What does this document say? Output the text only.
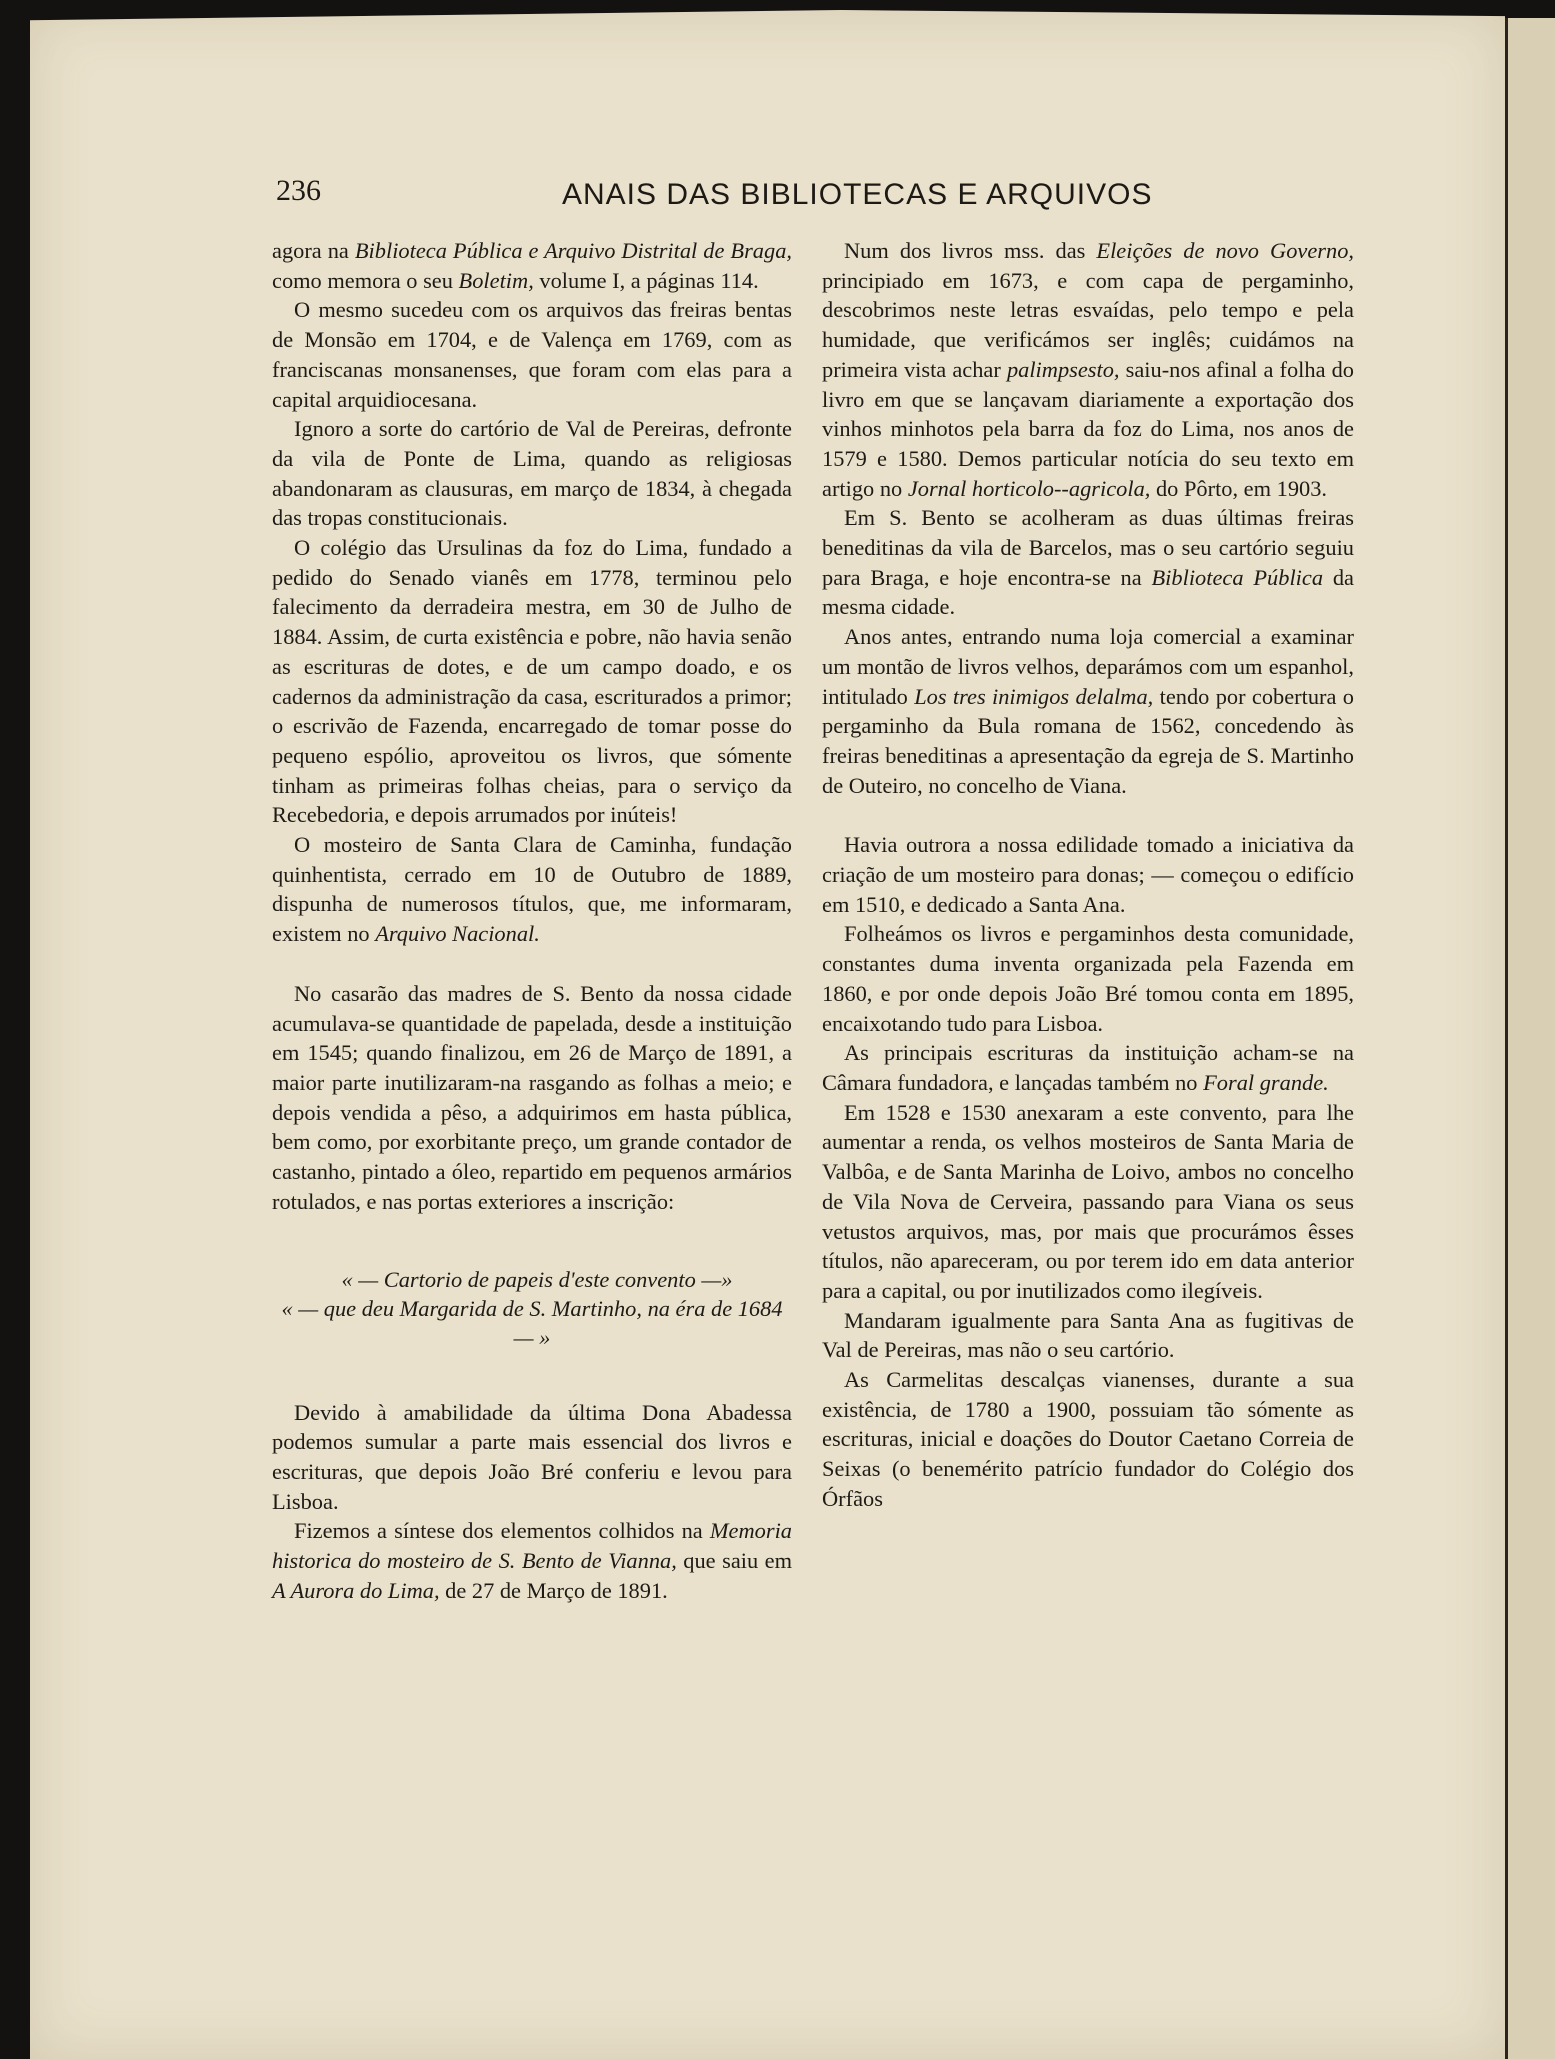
236	ANAIS DAS BIBLIOTECAS E ARQUIVOS

agora na Biblioteca Pública e Arquivo Distrital de Braga, como memora o seu Boletim, volume I, a páginas 114.

O mesmo sucedeu com os arquivos das freiras bentas de Monsão em 1704, e de Valença em 1769, com as franciscanas monsanenses, que foram com elas para a capital arquidiocesana.

Ignoro a sorte do cartório de Val de Pereiras, defronte da vila de Ponte de Lima, quando as religiosas abandonaram as clausuras, em março de 1834, à chegada das tropas constitucionais.

O colégio das Ursulinas da foz do Lima, fundado a pedido do Senado vianês em 1778, terminou pelo falecimento da derradeira mestra, em 30 de Julho de 1884. Assim, de curta existência e pobre, não havia senão as escrituras de dotes, e de um campo doado, e os cadernos da administração da casa, escriturados a primor; o escrivão de Fazenda, encarregado de tomar posse do pequeno espólio, aproveitou os livros, que sómente tinham as primeiras folhas cheias, para o serviço da Recebedoria, e depois arrumados por inúteis!

O mosteiro de Santa Clara de Caminha, fundação quinhentista, cerrado em 10 de Outubro de 1889, dispunha de numerosos títulos, que, me informaram, existem no Arquivo Nacional.

No casarão das madres de S. Bento da nossa cidade acumulava-se quantidade de papelada, desde a instituição em 1545; quando finalizou, em 26 de Março de 1891, a maior parte inutilizaram-na rasgando as folhas a meio; e depois vendida a pêso, a adquirimos em hasta pública, bem como, por exorbitante preço, um grande contador de castanho, pintado a óleo, repartido em pequenos armários rotulados, e nas portas exteriores a inscrição:

« — Cartorio de papeis d'este convento —»
« — que deu Margarida de S. Martinho, na éra de 1684 — »

Devido à amabilidade da última Dona Abadessa podemos sumular a parte mais essencial dos livros e escrituras, que depois João Bré conferiu e levou para Lisboa.

Fizemos a síntese dos elementos colhidos na Memoria historica do mosteiro de S. Bento de Vianna, que saiu em A Aurora do Lima, de 27 de Março de 1891.

Num dos livros mss. das Eleições de novo Governo, principiado em 1673, e com capa de pergaminho, descobrimos neste letras esvaídas, pelo tempo e pela humidade, que verificámos ser inglês; cuidámos na primeira vista achar palimpsesto, saiu-nos afinal a folha do livro em que se lançavam diariamente a exportação dos vinhos minhotos pela barra da foz do Lima, nos anos de 1579 e 1580. Demos particular notícia do seu texto em artigo no Jornal horticolo--agricola, do Pôrto, em 1903.

Em S. Bento se acolheram as duas últimas freiras beneditinas da vila de Barcelos, mas o seu cartório seguiu para Braga, e hoje encontra-se na Biblioteca Pública da mesma cidade.

Anos antes, entrando numa loja comercial a examinar um montão de livros velhos, deparámos com um espanhol, intitulado Los tres inimigos delalma, tendo por cobertura o pergaminho da Bula romana de 1562, concedendo às freiras beneditinas a apresentação da egreja de S. Martinho de Outeiro, no concelho de Viana.

Havia outrora a nossa edilidade tomado a iniciativa da criação de um mosteiro para donas; — começou o edifício em 1510, e dedicado a Santa Ana.

Folheámos os livros e pergaminhos desta comunidade, constantes duma inventa organizada pela Fazenda em 1860, e por onde depois João Bré tomou conta em 1895, encaixotando tudo para Lisboa.

As principais escrituras da instituição acham-se na Câmara fundadora, e lançadas também no Foral grande.

Em 1528 e 1530 anexaram a este convento, para lhe aumentar a renda, os velhos mosteiros de Santa Maria de Valbôa, e de Santa Marinha de Loivo, ambos no concelho de Vila Nova de Cerveira, passando para Viana os seus vetustos arquivos, mas, por mais que procurámos êsses títulos, não apareceram, ou por terem ido em data anterior para a capital, ou por inutilizados como ilegíveis.

Mandaram igualmente para Santa Ana as fugitivas de Val de Pereiras, mas não o seu cartório.

As Carmelitas descalças vianenses, durante a sua existência, de 1780 a 1900, possuiam tão sómente as escrituras, inicial e doações do Doutor Caetano Correia de Seixas (o benemérito patrício fundador do Colégio dos Órfãos
